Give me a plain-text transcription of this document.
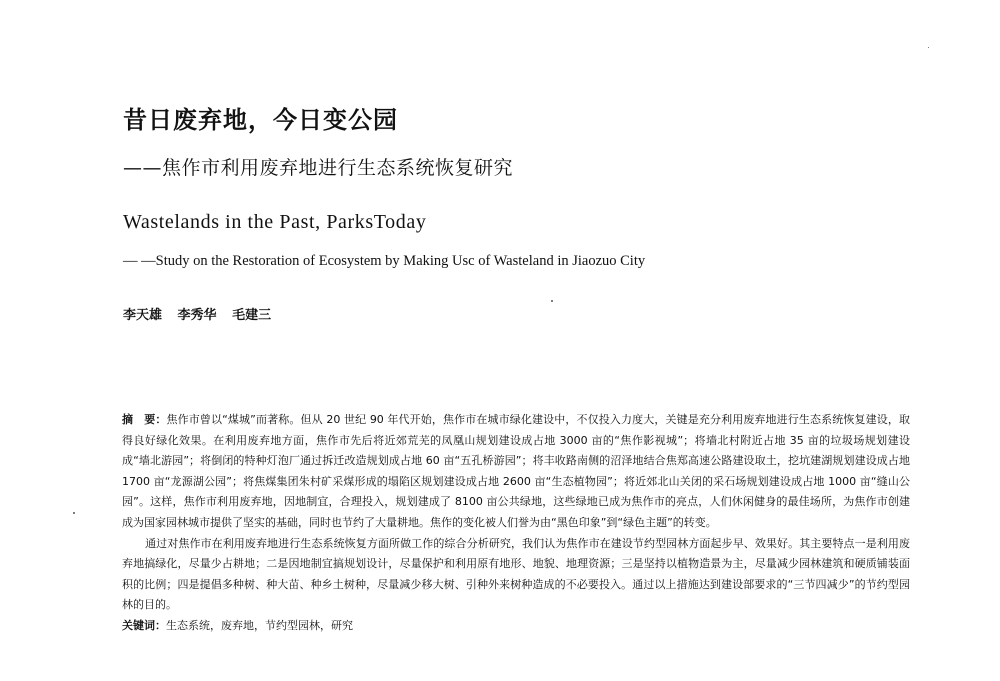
昔日废弃地，今日变公园
——焦作市利用废弃地进行生态系统恢复研究
Wastelands in the Past, ParksToday
— —Study on the Restoration of Ecosystem by Making Usc of Wasteland in Jiaozuo City
李天雄 李秀华 毛建三

摘　要：焦作市曾以“煤城”而著称。但从 20 世纪 90 年代开始，焦作市在城市绿化建设中，不仅投入力度大，关键是充分利用废弃地进行生态系统恢复建设，取得良好绿化效果。在利用废弃地方面，焦作市先后将近郊荒芜的凤凰山规划建设成占地 3000 亩的“焦作影视城”；将墙北村附近占地 35 亩的垃圾场规划建设成“墙北游园”；将倒闭的特种灯泡厂通过拆迁改造规划成占地 60 亩“五孔桥游园”；将丰收路南侧的沼泽地结合焦郑高速公路建设取土，挖坑建湖规划建设成占地 1700 亩“龙源湖公园”；将焦煤集团朱村矿采煤形成的塌陷区规划建设成占地 2600 亩“生态植物园”；将近郊北山关闭的采石场规划建设成占地 1000 亩“缝山公园”。这样，焦作市利用废弃地，因地制宜，合理投入，规划建成了 8100 亩公共绿地，这些绿地已成为焦作市的亮点，人们休闲健身的最佳场所，为焦作市创建成为国家园林城市提供了坚实的基础，同时也节约了大量耕地。焦作的变化被人们誉为由“黑色印象”到“绿色主题”的转变。

通过对焦作市在利用废弃地进行生态系统恢复方面所做工作的综合分析研究，我们认为焦作市在建设节约型园林方面起步早、效果好。其主要特点一是利用废弃地搞绿化，尽量少占耕地；二是因地制宜搞规划设计，尽量保护和利用原有地形、地貌、地理资源；三是坚持以植物造景为主，尽量减少园林建筑和硬质铺装面积的比例；四是提倡多种树、种大苗、种乡土树种，尽量减少移大树、引种外来树种造成的不必要投入。通过以上措施达到建设部要求的“三节四减少”的节约型园林的目的。

关键词：生态系统，废弃地，节约型园林，研究
